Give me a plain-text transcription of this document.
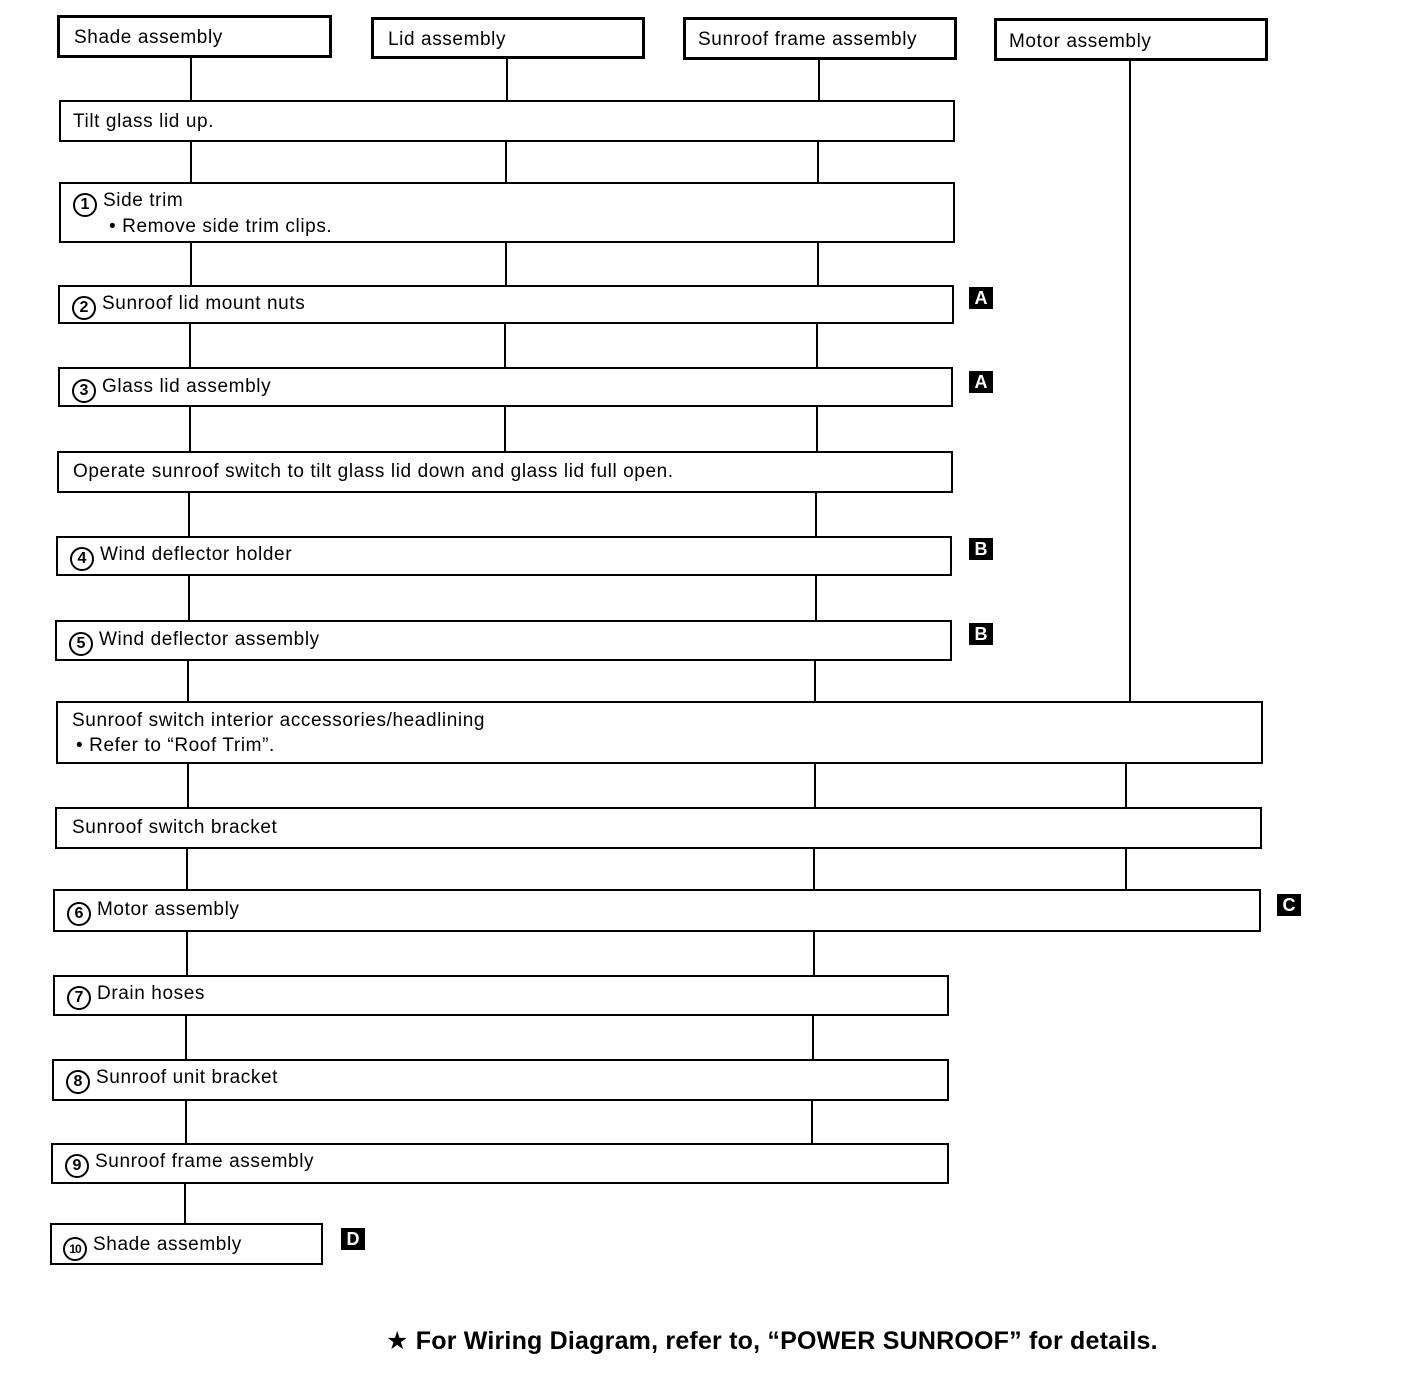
Shade assembly	Lid assembly	Sunroof frame assembly	Motor assembly
Tilt glass lid up.
1 Side trim
• Remove side trim clips.
2 Sunroof lid mount nuts	A
3 Glass lid assembly	A
Operate sunroof switch to tilt glass lid down and glass lid full open.
4 Wind deflector holder	B
5 Wind deflector assembly	B
Sunroof switch interior accessories/headlining
• Refer to “Roof Trim”.
Sunroof switch bracket
6 Motor assembly	C
7 Drain hoses
8 Sunroof unit bracket
9 Sunroof frame assembly
10 Shade assembly	D
★ For Wiring Diagram, refer to, “POWER SUNROOF” for details.
